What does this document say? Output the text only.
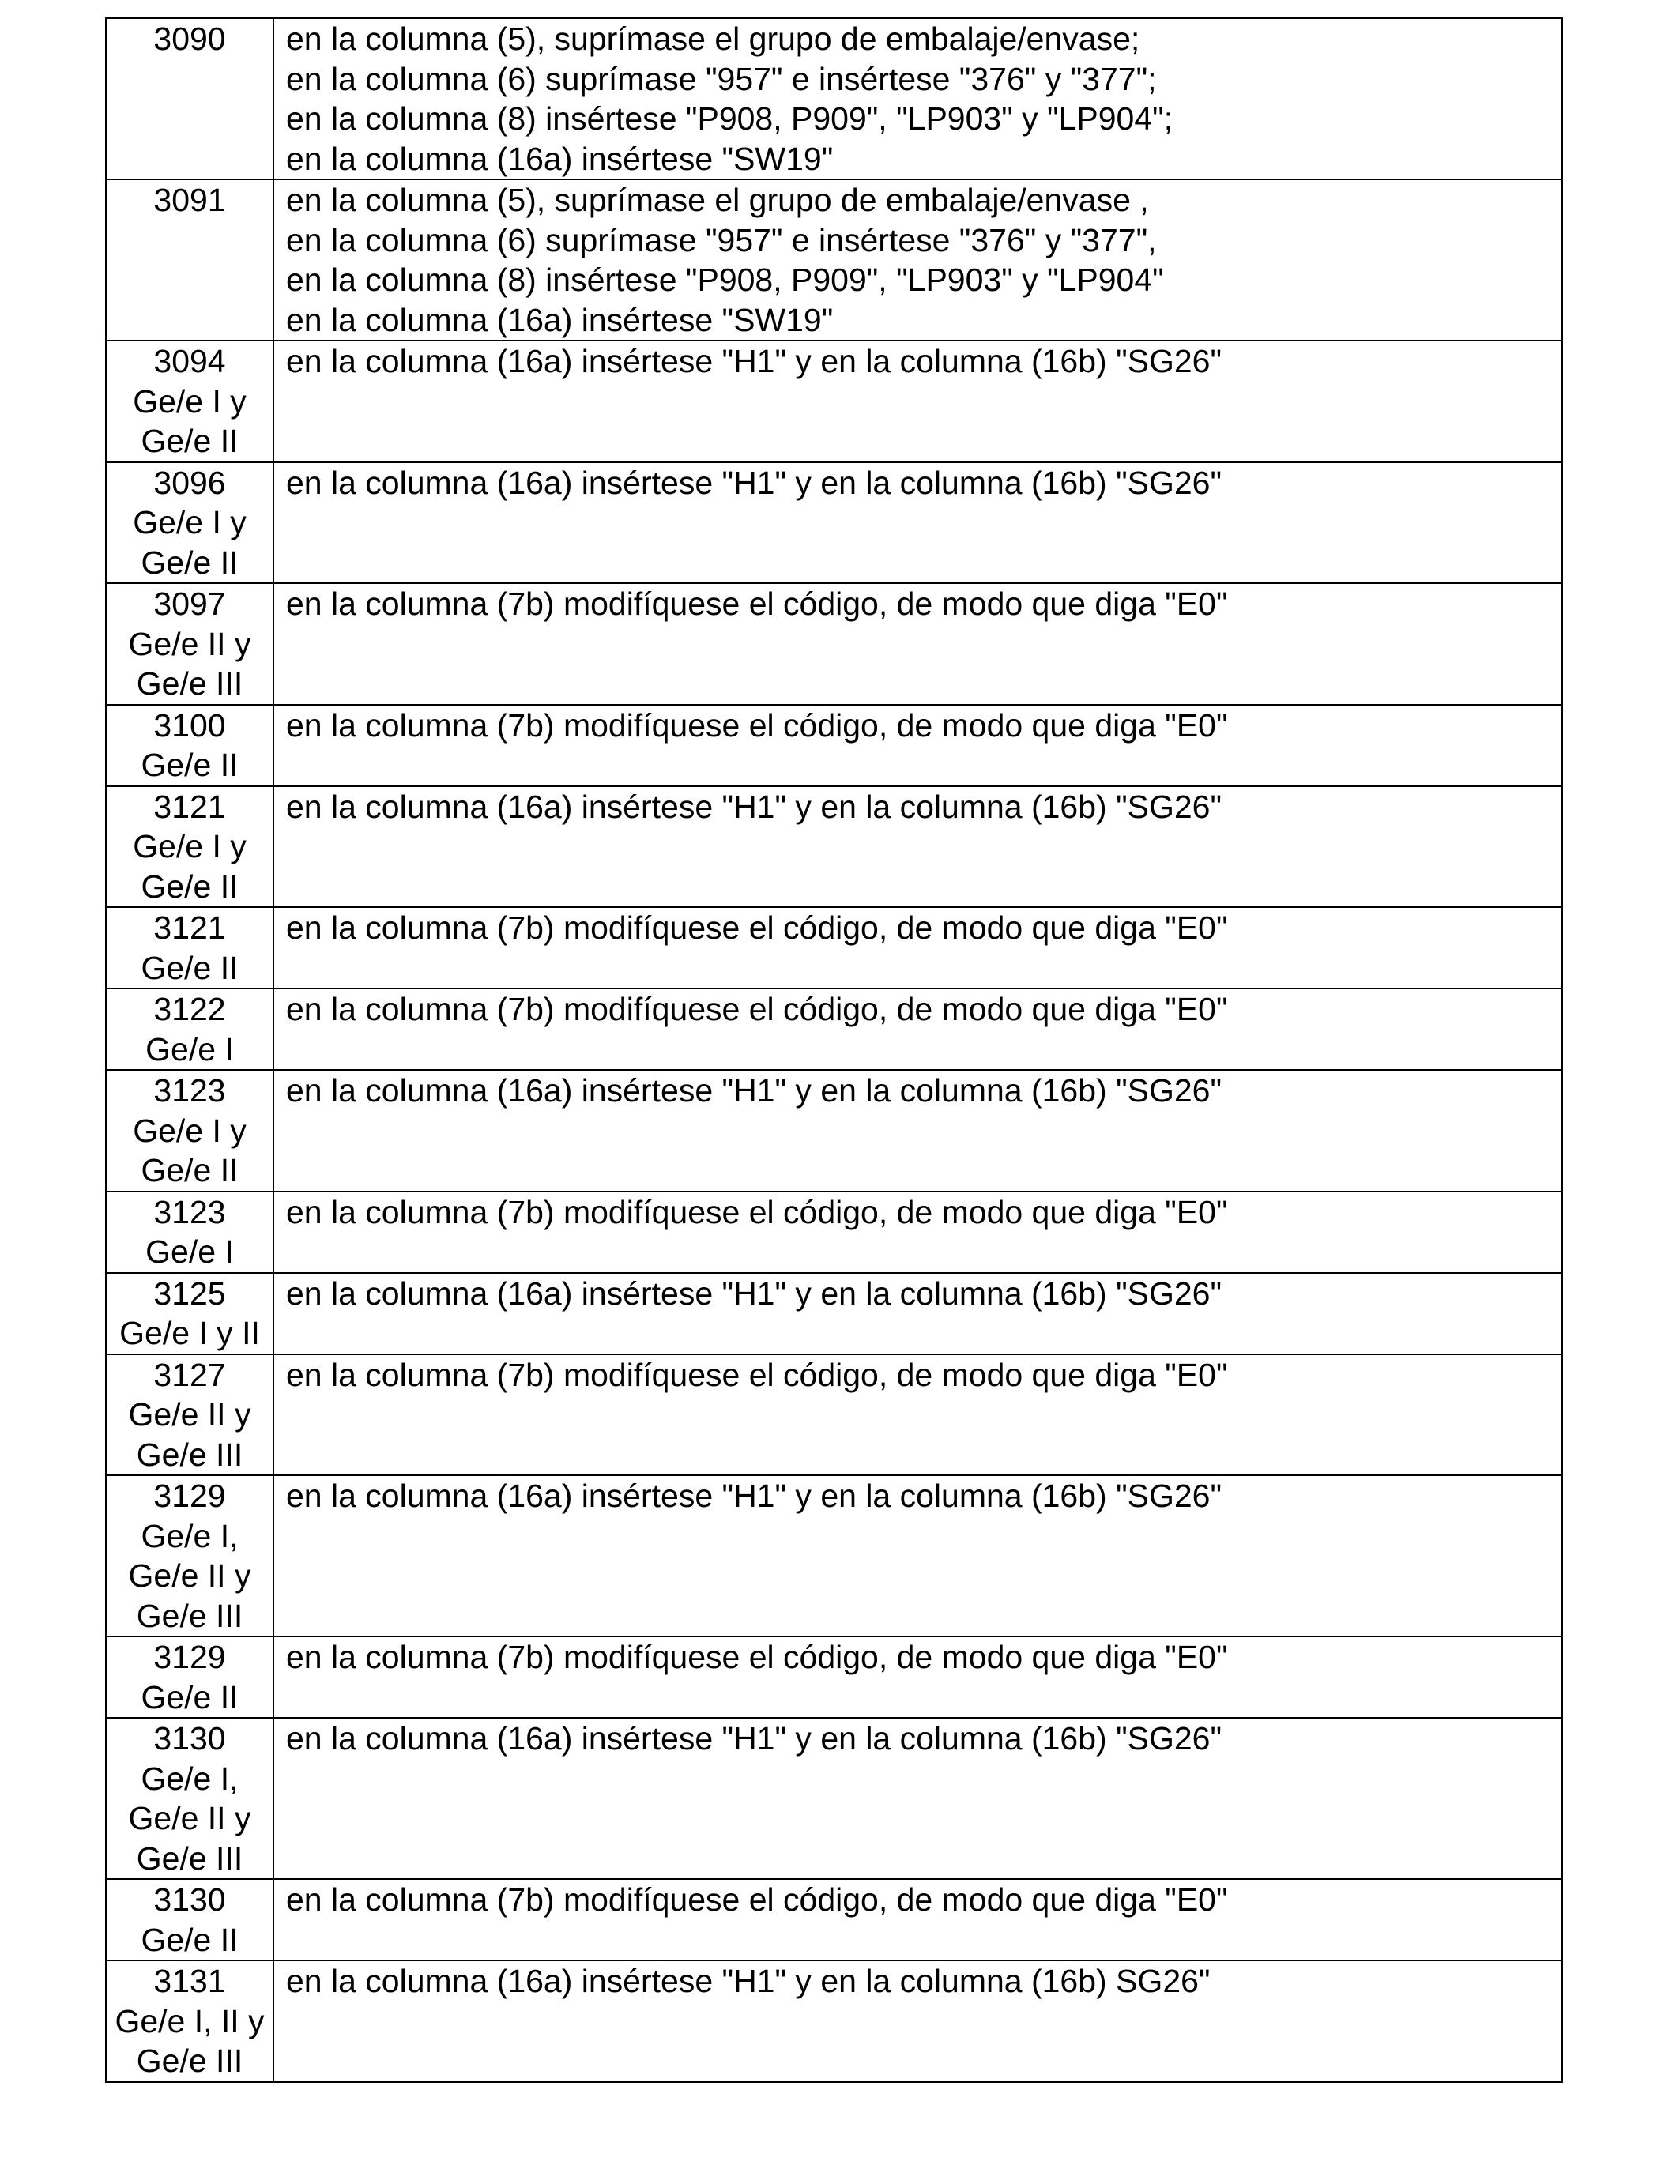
3090	en la columna (5), suprímase el grupo de embalaje/envase;
en la columna (6) suprímase "957" e insértese "376" y "377";
en la columna (8) insértese "P908, P909", "LP903" y "LP904";
en la columna (16a) insértese "SW19"

3091	en la columna (5), suprímase el grupo de embalaje/envase ,
en la columna (6) suprímase "957" e insértese "376" y "377",
en la columna (8) insértese "P908, P909", "LP903" y "LP904"
en la columna (16a) insértese "SW19"

3094
Ge/e I y
Ge/e II	en la columna (16a) insértese "H1" y en la columna (16b) "SG26"

3096
Ge/e I y
Ge/e II	en la columna (16a) insértese "H1" y en la columna (16b) "SG26"

3097
Ge/e II y
Ge/e III	en la columna (7b) modifíquese el código, de modo que diga "E0"

3100
Ge/e II	en la columna (7b) modifíquese el código, de modo que diga "E0"

3121
Ge/e I y
Ge/e II	en la columna (16a) insértese "H1" y en la columna (16b) "SG26"

3121
Ge/e II	en la columna (7b) modifíquese el código, de modo que diga "E0"

3122
Ge/e I	en la columna (7b) modifíquese el código, de modo que diga "E0"

3123
Ge/e I y
Ge/e II	en la columna (16a) insértese "H1" y en la columna (16b) "SG26"

3123
Ge/e I	en la columna (7b) modifíquese el código, de modo que diga "E0"

3125
Ge/e I y II	en la columna (16a) insértese "H1" y en la columna (16b) "SG26"

3127
Ge/e II y
Ge/e III	en la columna (7b) modifíquese el código, de modo que diga "E0"

3129
Ge/e I,
Ge/e II y
Ge/e III	en la columna (16a) insértese "H1" y en la columna (16b) "SG26"

3129
Ge/e II	en la columna (7b) modifíquese el código, de modo que diga "E0"

3130
Ge/e I,
Ge/e II y
Ge/e III	en la columna (16a) insértese "H1" y en la columna (16b) "SG26"

3130
Ge/e II	en la columna (7b) modifíquese el código, de modo que diga "E0"

3131
Ge/e I, II y
Ge/e III	en la columna (16a) insértese "H1" y en la columna (16b) SG26"
